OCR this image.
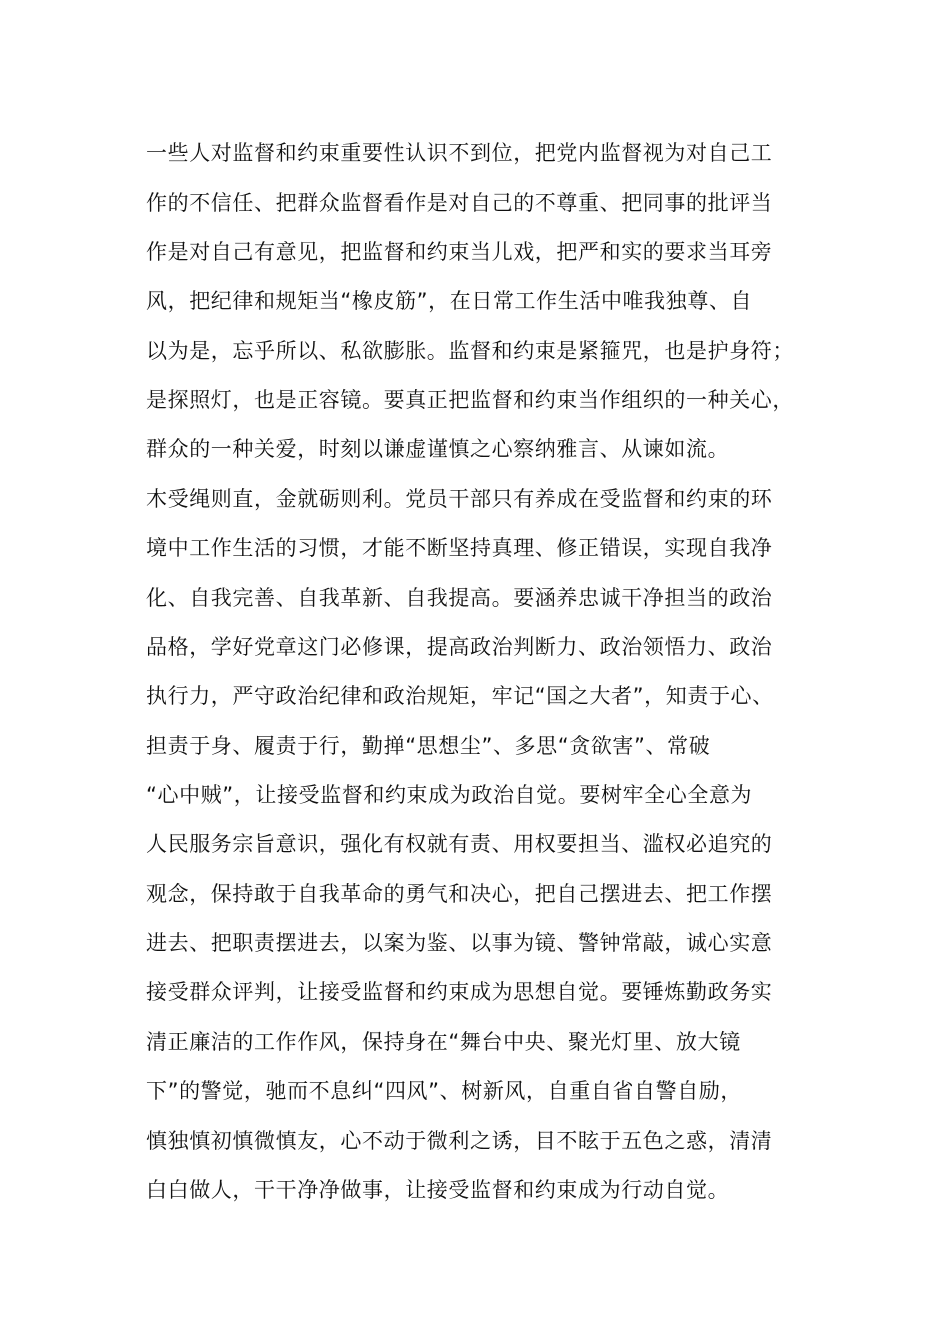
一些人对监督和约束重要性认识不到位，把党内监督视为对自己工
作的不信任、把群众监督看作是对自己的不尊重、把同事的批评当
作是对自己有意见，把监督和约束当儿戏，把严和实的要求当耳旁
风，把纪律和规矩当“橡皮筋”，在日常工作生活中唯我独尊、自
以为是，忘乎所以、私欲膨胀。监督和约束是紧箍咒，也是护身符；
是探照灯，也是正容镜。要真正把监督和约束当作组织的一种关心，
群众的一种关爱，时刻以谦虚谨慎之心察纳雅言、从谏如流。
木受绳则直，金就砺则利。党员干部只有养成在受监督和约束的环
境中工作生活的习惯，才能不断坚持真理、修正错误，实现自我净
化、自我完善、自我革新、自我提高。要涵养忠诚干净担当的政治
品格，学好党章这门必修课，提高政治判断力、政治领悟力、政治
执行力，严守政治纪律和政治规矩，牢记“国之大者”，知责于心、
担责于身、履责于行，勤掸“思想尘”、多思“贪欲害”、常破
“心中贼”，让接受监督和约束成为政治自觉。要树牢全心全意为
人民服务宗旨意识，强化有权就有责、用权要担当、滥权必追究的
观念，保持敢于自我革命的勇气和决心，把自己摆进去、把工作摆
进去、把职责摆进去，以案为鉴、以事为镜、警钟常敲，诚心实意
接受群众评判，让接受监督和约束成为思想自觉。要锤炼勤政务实
清正廉洁的工作作风，保持身在“舞台中央、聚光灯里、放大镜
下”的警觉，驰而不息纠“四风”、树新风，自重自省自警自励，
慎独慎初慎微慎友，心不动于微利之诱，目不眩于五色之惑，清清
白白做人，干干净净做事，让接受监督和约束成为行动自觉。
